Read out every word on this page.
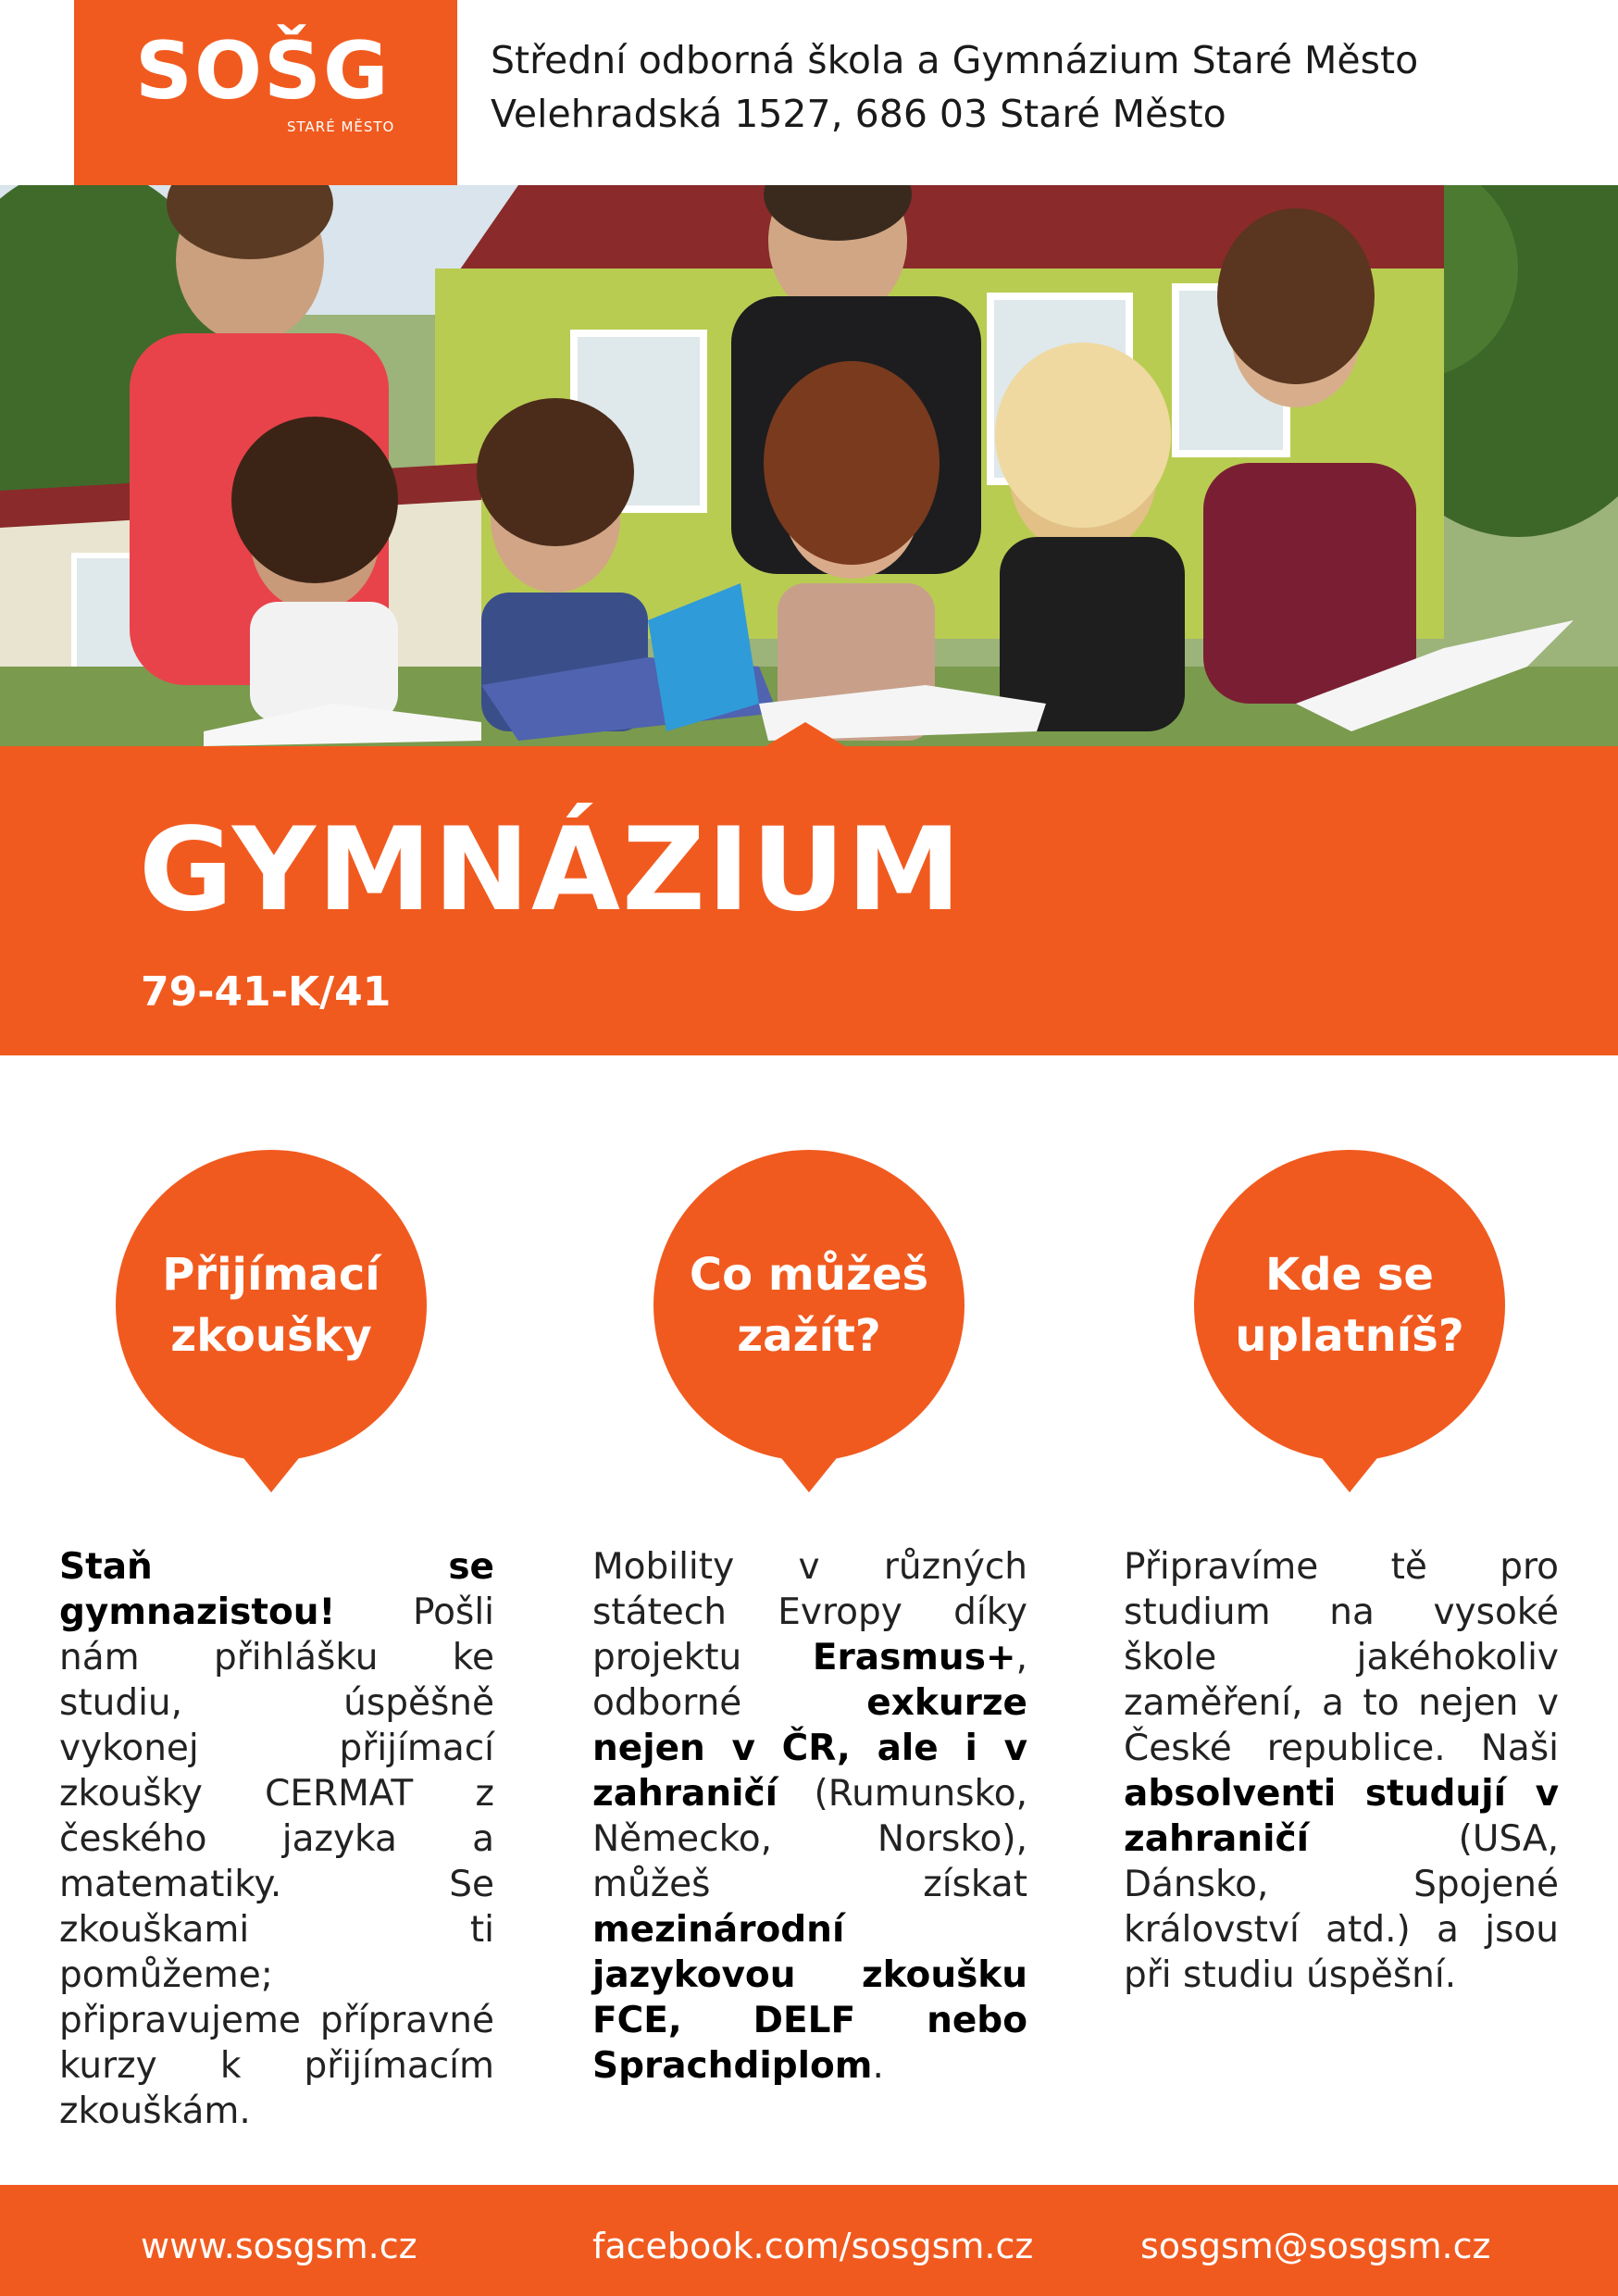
SOŠG
STARÉ MĚSTO
Střední odborná škola a Gymnázium Staré Město
Velehradská 1527, 686 03 Staré Město
GYMNÁZIUM
79-41-K/41
Přijímací
zkoušky
Co můžeš
zažít?
Kde se
uplatníš?
Staň se gymnazistou! Pošli nám přihlášku ke studiu, úspěšně vykonej přijímací zkoušky CERMAT z českého jazyka a matematiky. Se zkouškami ti pomůžeme; připravujeme přípravné kurzy k přijímacím zkouškám.
Mobility v různých státech Evropy díky projektu Erasmus+, odborné exkurze nejen v ČR, ale i v zahraničí (Rumunsko, Německo, Norsko), můžeš získat mezinárodní jazykovou zkoušku FCE, DELF nebo Sprachdiplom.
Připravíme tě pro studium na vysoké škole jakéhokoliv zaměření, a to nejen v České republice. Naši absolventi studují v zahraničí (USA, Dánsko, Spojené království atd.) a jsou při studiu úspěšní.
www.sosgsm.cz	facebook.com/sosgsm.cz	sosgsm@sosgsm.cz
